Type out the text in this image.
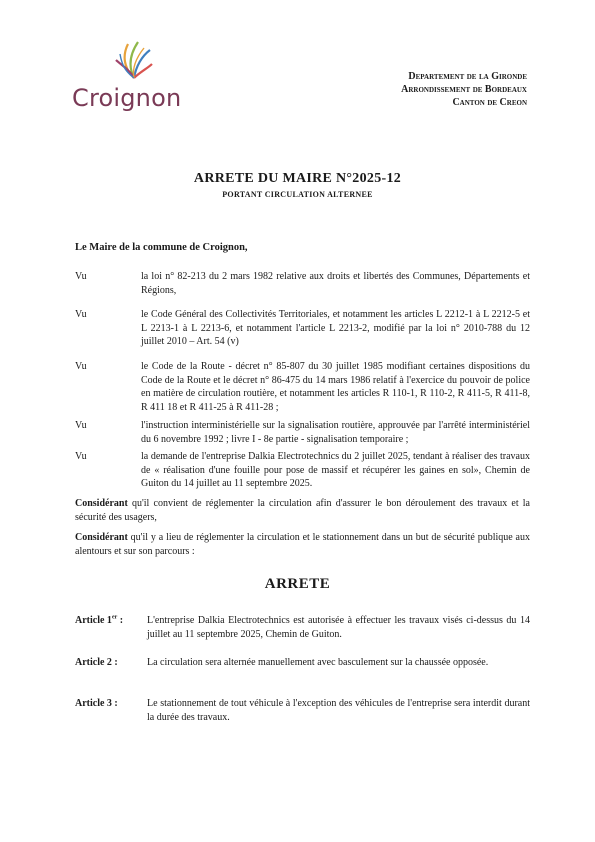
Croignon
Departement de la Gironde
Arrondissement de Bordeaux
Canton de Creon
ARRETE DU MAIRE N°2025-12
PORTANT CIRCULATION ALTERNEE
Le Maire de la commune de Croignon,
Vu	la loi n° 82-213 du 2 mars 1982 relative aux droits et libertés des Communes, Départements et Régions,
Vu	le Code Général des Collectivités Territoriales, et notamment les articles L 2212-1 à L 2212-5 et L 2213-1 à L 2213-6, et notamment l'article L 2213-2, modifié par la loi n° 2010-788 du 12 juillet 2010 – Art. 54 (v)
Vu	le Code de la Route - décret n° 85-807 du 30 juillet 1985 modifiant certaines dispositions du Code de la Route et le décret n° 86-475 du 14 mars 1986 relatif à l'exercice du pouvoir de police en matière de circulation routière, et notamment les articles R 110-1, R 110-2, R 411-5, R 411-8, R 411 18 et R 411-25 à R 411-28 ;
Vu	l'instruction interministérielle sur la signalisation routière, approuvée par l'arrêté interministériel du 6 novembre 1992 ; livre I - 8e partie - signalisation temporaire ;
Vu	la demande de l'entreprise Dalkia Electrotechnics du 2 juillet 2025, tendant à réaliser des travaux de « réalisation d'une fouille pour pose de massif et récupérer les gaines en sol», Chemin de Guiton du 14 juillet au 11 septembre 2025.
Considérant qu'il convient de réglementer la circulation afin d'assurer le bon déroulement des travaux et la sécurité des usagers,
Considérant qu'il y a lieu de réglementer la circulation et le stationnement dans un but de sécurité publique aux alentours et sur son parcours :
ARRETE
Article 1er : L'entreprise Dalkia Electrotechnics est autorisée à effectuer les travaux visés ci-dessus du 14 juillet au 11 septembre 2025, Chemin de Guiton.
Article 2 :	La circulation sera alternée manuellement avec basculement sur la chaussée opposée.
Article 3 :	Le stationnement de tout véhicule à l'exception des véhicules de l'entreprise sera interdit durant la durée des travaux.
